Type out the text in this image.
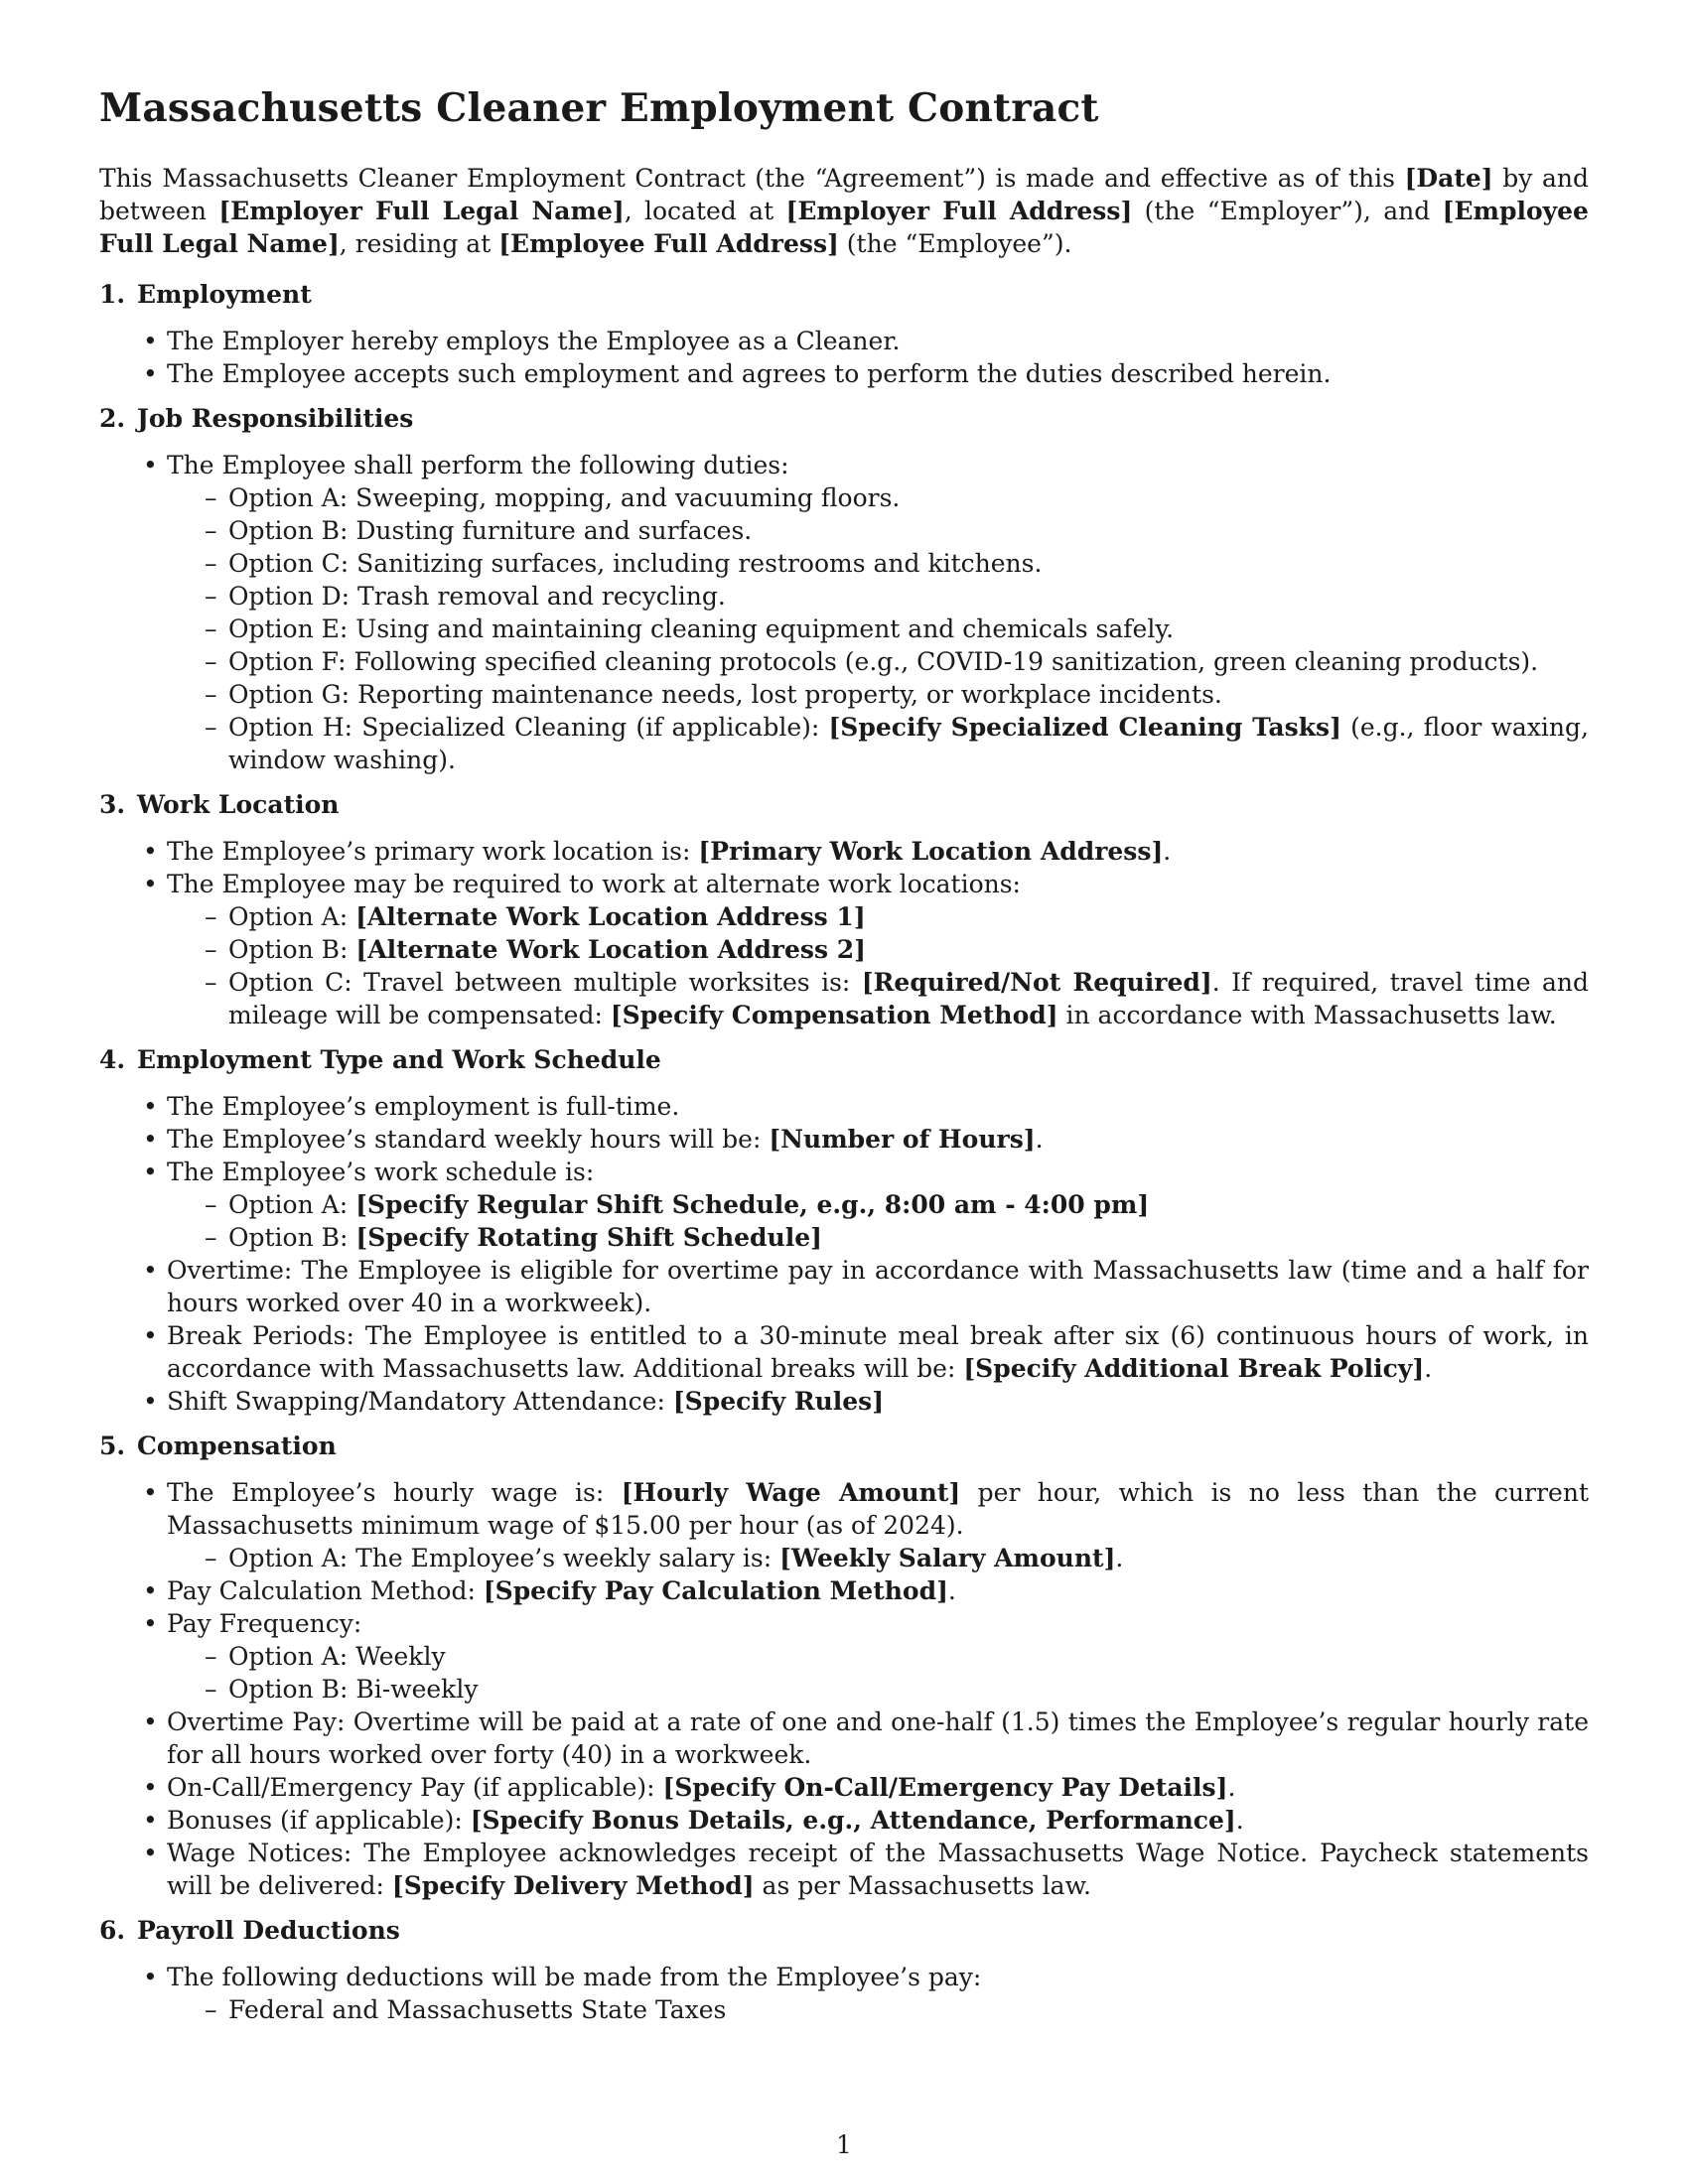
Massachusetts Cleaner Employment Contract

This Massachusetts Cleaner Employment Contract (the “Agreement”) is made and effective as of this [Date] by and between [Employer Full Legal Name], located at [Employer Full Address] (the “Employer”), and [Employee Full Legal Name], residing at [Employee Full Address] (the “Employee”).

1. Employment
• The Employer hereby employs the Employee as a Cleaner.
• The Employee accepts such employment and agrees to perform the duties described herein.
2. Job Responsibilities
• The Employee shall perform the following duties:
– Option A: Sweeping, mopping, and vacuuming floors.
– Option B: Dusting furniture and surfaces.
– Option C: Sanitizing surfaces, including restrooms and kitchens.
– Option D: Trash removal and recycling.
– Option E: Using and maintaining cleaning equipment and chemicals safely.
– Option F: Following specified cleaning protocols (e.g., COVID-19 sanitization, green cleaning products).
– Option G: Reporting maintenance needs, lost property, or workplace incidents.
– Option H: Specialized Cleaning (if applicable): [Specify Specialized Cleaning Tasks] (e.g., floor waxing, window washing).
3. Work Location
• The Employee’s primary work location is: [Primary Work Location Address].
• The Employee may be required to work at alternate work locations:
– Option A: [Alternate Work Location Address 1]
– Option B: [Alternate Work Location Address 2]
– Option C: Travel between multiple worksites is: [Required/Not Required]. If required, travel time and mileage will be compensated: [Specify Compensation Method] in accordance with Massachusetts law.
4. Employment Type and Work Schedule
• The Employee’s employment is full-time.
• The Employee’s standard weekly hours will be: [Number of Hours].
• The Employee’s work schedule is:
– Option A: [Specify Regular Shift Schedule, e.g., 8:00 am - 4:00 pm]
– Option B: [Specify Rotating Shift Schedule]
• Overtime: The Employee is eligible for overtime pay in accordance with Massachusetts law (time and a half for hours worked over 40 in a workweek).
• Break Periods: The Employee is entitled to a 30-minute meal break after six (6) continuous hours of work, in accordance with Massachusetts law. Additional breaks will be: [Specify Additional Break Policy].
• Shift Swapping/Mandatory Attendance: [Specify Rules]
5. Compensation
• The Employee’s hourly wage is: [Hourly Wage Amount] per hour, which is no less than the current Massachusetts minimum wage of $15.00 per hour (as of 2024).
– Option A: The Employee’s weekly salary is: [Weekly Salary Amount].
• Pay Calculation Method: [Specify Pay Calculation Method].
• Pay Frequency:
– Option A: Weekly
– Option B: Bi-weekly
• Overtime Pay: Overtime will be paid at a rate of one and one-half (1.5) times the Employee’s regular hourly rate for all hours worked over forty (40) in a workweek.
• On-Call/Emergency Pay (if applicable): [Specify On-Call/Emergency Pay Details].
• Bonuses (if applicable): [Specify Bonus Details, e.g., Attendance, Performance].
• Wage Notices: The Employee acknowledges receipt of the Massachusetts Wage Notice. Paycheck statements will be delivered: [Specify Delivery Method] as per Massachusetts law.
6. Payroll Deductions
• The following deductions will be made from the Employee’s pay:
– Federal and Massachusetts State Taxes
1
